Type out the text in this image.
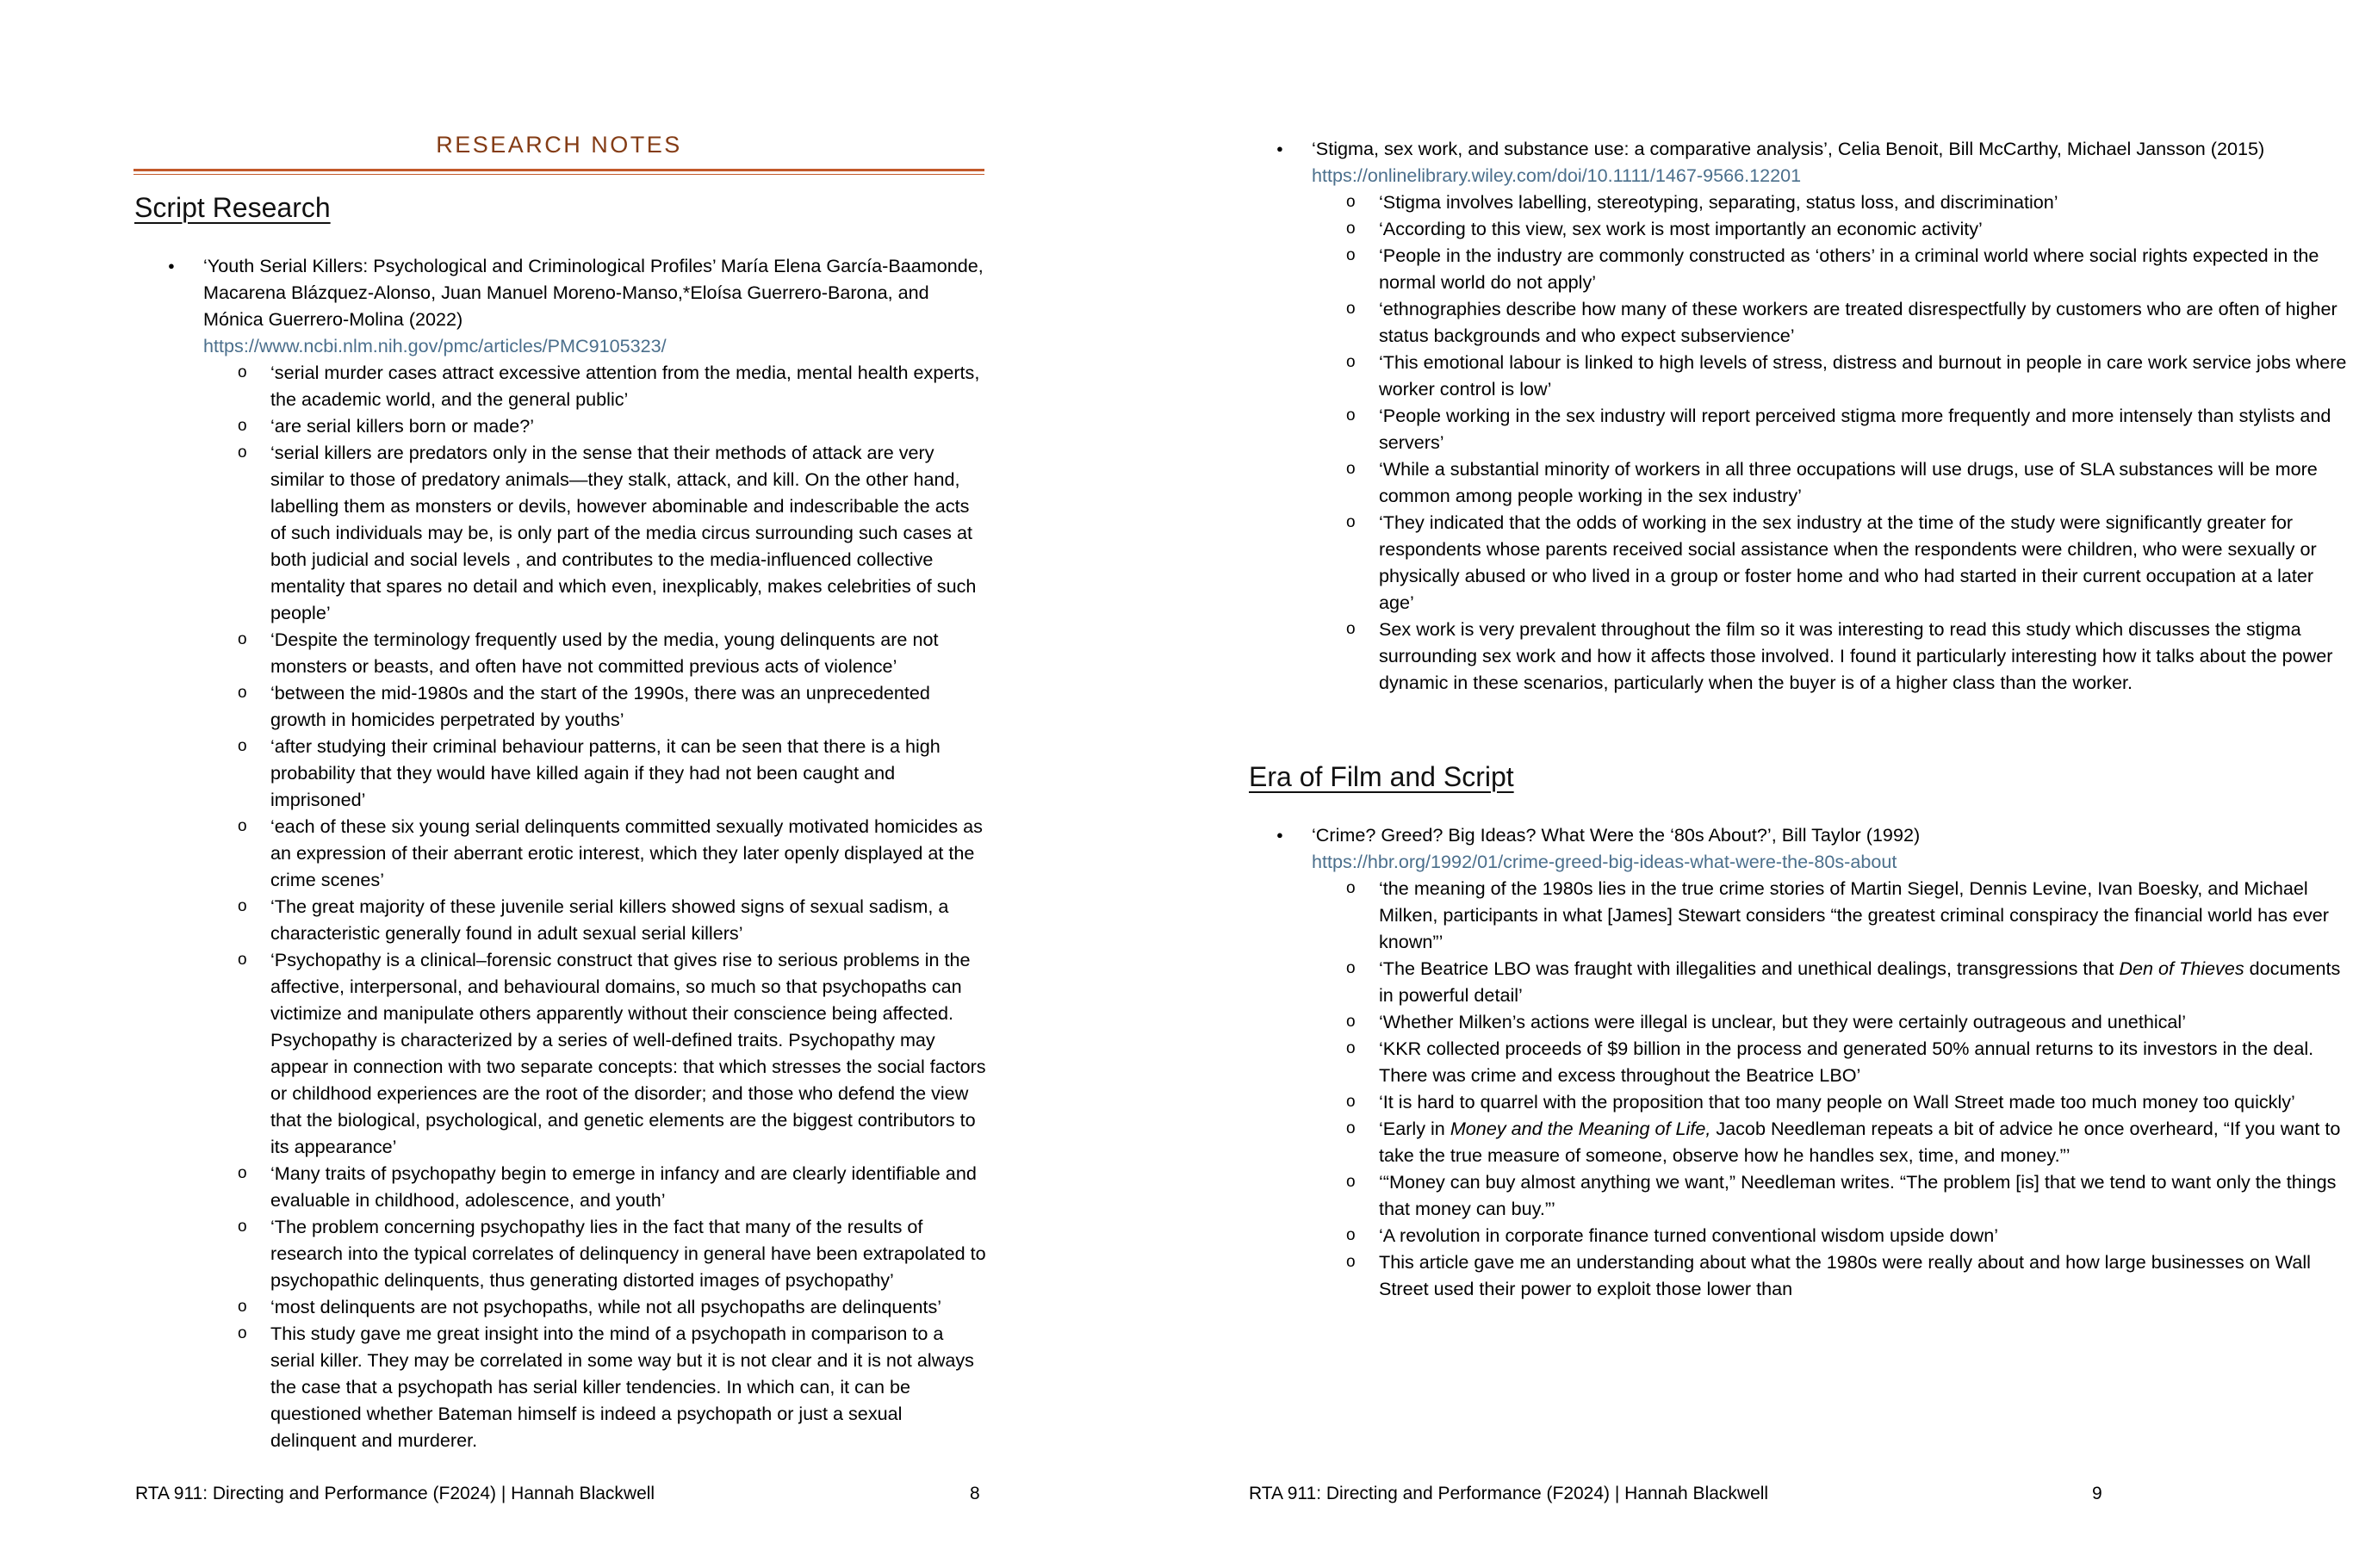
RESEARCH NOTES
Script Research
● ‘Youth Serial Killers: Psychological and Criminological Profiles’ María Elena García-Baamonde, Macarena Blázquez-Alonso, Juan Manuel Moreno-Manso,*Eloísa Guerrero-Barona, and Mónica Guerrero-Molina (2022)
https://www.ncbi.nlm.nih.gov/pmc/articles/PMC9105323/
o ‘serial murder cases attract excessive attention from the media, mental health experts, the academic world, and the general public’
o ‘are serial killers born or made?’
o ‘serial killers are predators only in the sense that their methods of attack are very similar to those of predatory animals—they stalk, attack, and kill. On the other hand, labelling them as monsters or devils, however abominable and indescribable the acts of such individuals may be, is only part of the media circus surrounding such cases at both judicial and social levels , and contributes to the media-influenced collective mentality that spares no detail and which even, inexplicably, makes celebrities of such people’
o ‘Despite the terminology frequently used by the media, young delinquents are not monsters or beasts, and often have not committed previous acts of violence’
o ‘between the mid-1980s and the start of the 1990s, there was an unprecedented growth in homicides perpetrated by youths’
o ‘after studying their criminal behaviour patterns, it can be seen that there is a high probability that they would have killed again if they had not been caught and imprisoned’
o ‘each of these six young serial delinquents committed sexually motivated homicides as an expression of their aberrant erotic interest, which they later openly displayed at the crime scenes’
o ‘The great majority of these juvenile serial killers showed signs of sexual sadism, a characteristic generally found in adult sexual serial killers’
o ‘Psychopathy is a clinical–forensic construct that gives rise to serious problems in the affective, interpersonal, and behavioural domains, so much so that psychopaths can victimize and manipulate others apparently without their conscience being affected. Psychopathy is characterized by a series of well-defined traits. Psychopathy may appear in connection with two separate concepts: that which stresses the social factors or childhood experiences are the root of the disorder; and those who defend the view that the biological, psychological, and genetic elements are the biggest contributors to its appearance’
o ‘Many traits of psychopathy begin to emerge in infancy and are clearly identifiable and evaluable in childhood, adolescence, and youth’
o ‘The problem concerning psychopathy lies in the fact that many of the results of research into the typical correlates of delinquency in general have been extrapolated to psychopathic delinquents, thus generating distorted images of psychopathy’
o ‘most delinquents are not psychopaths, while not all psychopaths are delinquents’
o This study gave me great insight into the mind of a psychopath in comparison to a serial killer. They may be correlated in some way but it is not clear and it is not always the case that a psychopath has serial killer tendencies. In which can, it can be questioned whether Bateman himself is indeed a psychopath or just a sexual delinquent and murderer.
RTA 911: Directing and Performance (F2024) | Hannah Blackwell	8
● ‘Stigma, sex work, and substance use: a comparative analysis’, Celia Benoit, Bill McCarthy, Michael Jansson (2015) https://onlinelibrary.wiley.com/doi/10.1111/1467-9566.12201
o ‘Stigma involves labelling, stereotyping, separating, status loss, and discrimination’
o ‘According to this view, sex work is most importantly an economic activity’
o ‘People in the industry are commonly constructed as ‘others’ in a criminal world where social rights expected in the normal world do not apply’
o ‘ethnographies describe how many of these workers are treated disrespectfully by customers who are often of higher status backgrounds and who expect subservience’
o ‘This emotional labour is linked to high levels of stress, distress and burnout in people in care work service jobs where worker control is low’
o ‘People working in the sex industry will report perceived stigma more frequently and more intensely than stylists and servers’
o ‘While a substantial minority of workers in all three occupations will use drugs, use of SLA substances will be more common among people working in the sex industry’
o ‘They indicated that the odds of working in the sex industry at the time of the study were significantly greater for respondents whose parents received social assistance when the respondents were children, who were sexually or physically abused or who lived in a group or foster home and who had started in their current occupation at a later age’
o Sex work is very prevalent throughout the film so it was interesting to read this study which discusses the stigma surrounding sex work and how it affects those involved. I found it particularly interesting how it talks about the power dynamic in these scenarios, particularly when the buyer is of a higher class than the worker.
Era of Film and Script
● ‘Crime? Greed? Big Ideas? What Were the ‘80s About?’, Bill Taylor (1992)
https://hbr.org/1992/01/crime-greed-big-ideas-what-were-the-80s-about
o ‘the meaning of the 1980s lies in the true crime stories of Martin Siegel, Dennis Levine, Ivan Boesky, and Michael Milken, participants in what [James] Stewart considers “the greatest criminal conspiracy the financial world has ever known”’
o ‘The Beatrice LBO was fraught with illegalities and unethical dealings, transgressions that Den of Thieves documents in powerful detail’
o ‘Whether Milken’s actions were illegal is unclear, but they were certainly outrageous and unethical’
o ‘KKR collected proceeds of $9 billion in the process and generated 50% annual returns to its investors in the deal. There was crime and excess throughout the Beatrice LBO’
o ‘It is hard to quarrel with the proposition that too many people on Wall Street made too much money too quickly’
o ‘Early in Money and the Meaning of Life, Jacob Needleman repeats a bit of advice he once overheard, “If you want to take the true measure of someone, observe how he handles sex, time, and money.”’
o ‘“Money can buy almost anything we want,” Needleman writes. “The problem [is] that we tend to want only the things that money can buy.”’
o ‘A revolution in corporate finance turned conventional wisdom upside down’
o This article gave me an understanding about what the 1980s were really about and how large businesses on Wall Street used their power to exploit those lower than
RTA 911: Directing and Performance (F2024) | Hannah Blackwell	9
